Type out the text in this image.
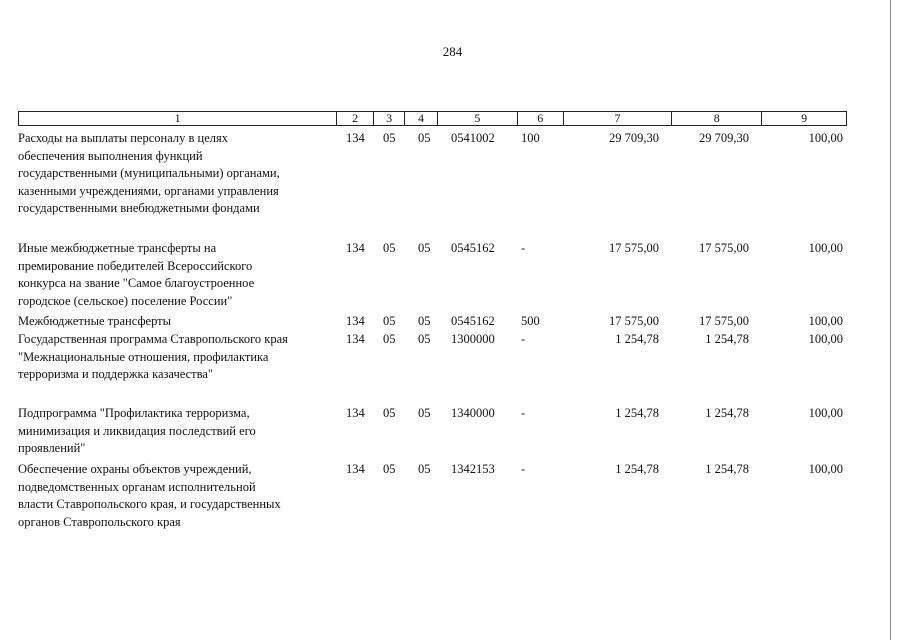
284
1	2	3	4	5	6	7	8	9
Расходы на выплаты персоналу в целях
обеспечения выполнения функций
государственными (муниципальными) органами,
казенными учреждениями, органами управления
государственными внебюджетными фондами
134 05 05 0541002 100	29 709,30	29 709,30	100,00
Иные межбюджетные трансферты на
премирование победителей Всероссийского
конкурса на звание "Самое благоустроенное
городское (сельское) поселение России"
134 05 05 0545162 -	17 575,00	17 575,00	100,00
Межбюджетные трансферты	134 05 05 0545162 500	17 575,00	17 575,00	100,00
Государственная программа Ставропольского края
"Межнациональные отношения, профилактика
терроризма и поддержка казачества"
134 05 05 1300000 -	1 254,78	1 254,78	100,00
Подпрограмма "Профилактика терроризма,
минимизация и ликвидация последствий его
проявлений"
134 05 05 1340000 -	1 254,78	1 254,78	100,00
Обеспечение охраны объектов учреждений,
подведомственных органам исполнительной
власти Ставропольского края, и государственных
органов Ставропольского края
134 05 05 1342153 -	1 254,78	1 254,78	100,00
